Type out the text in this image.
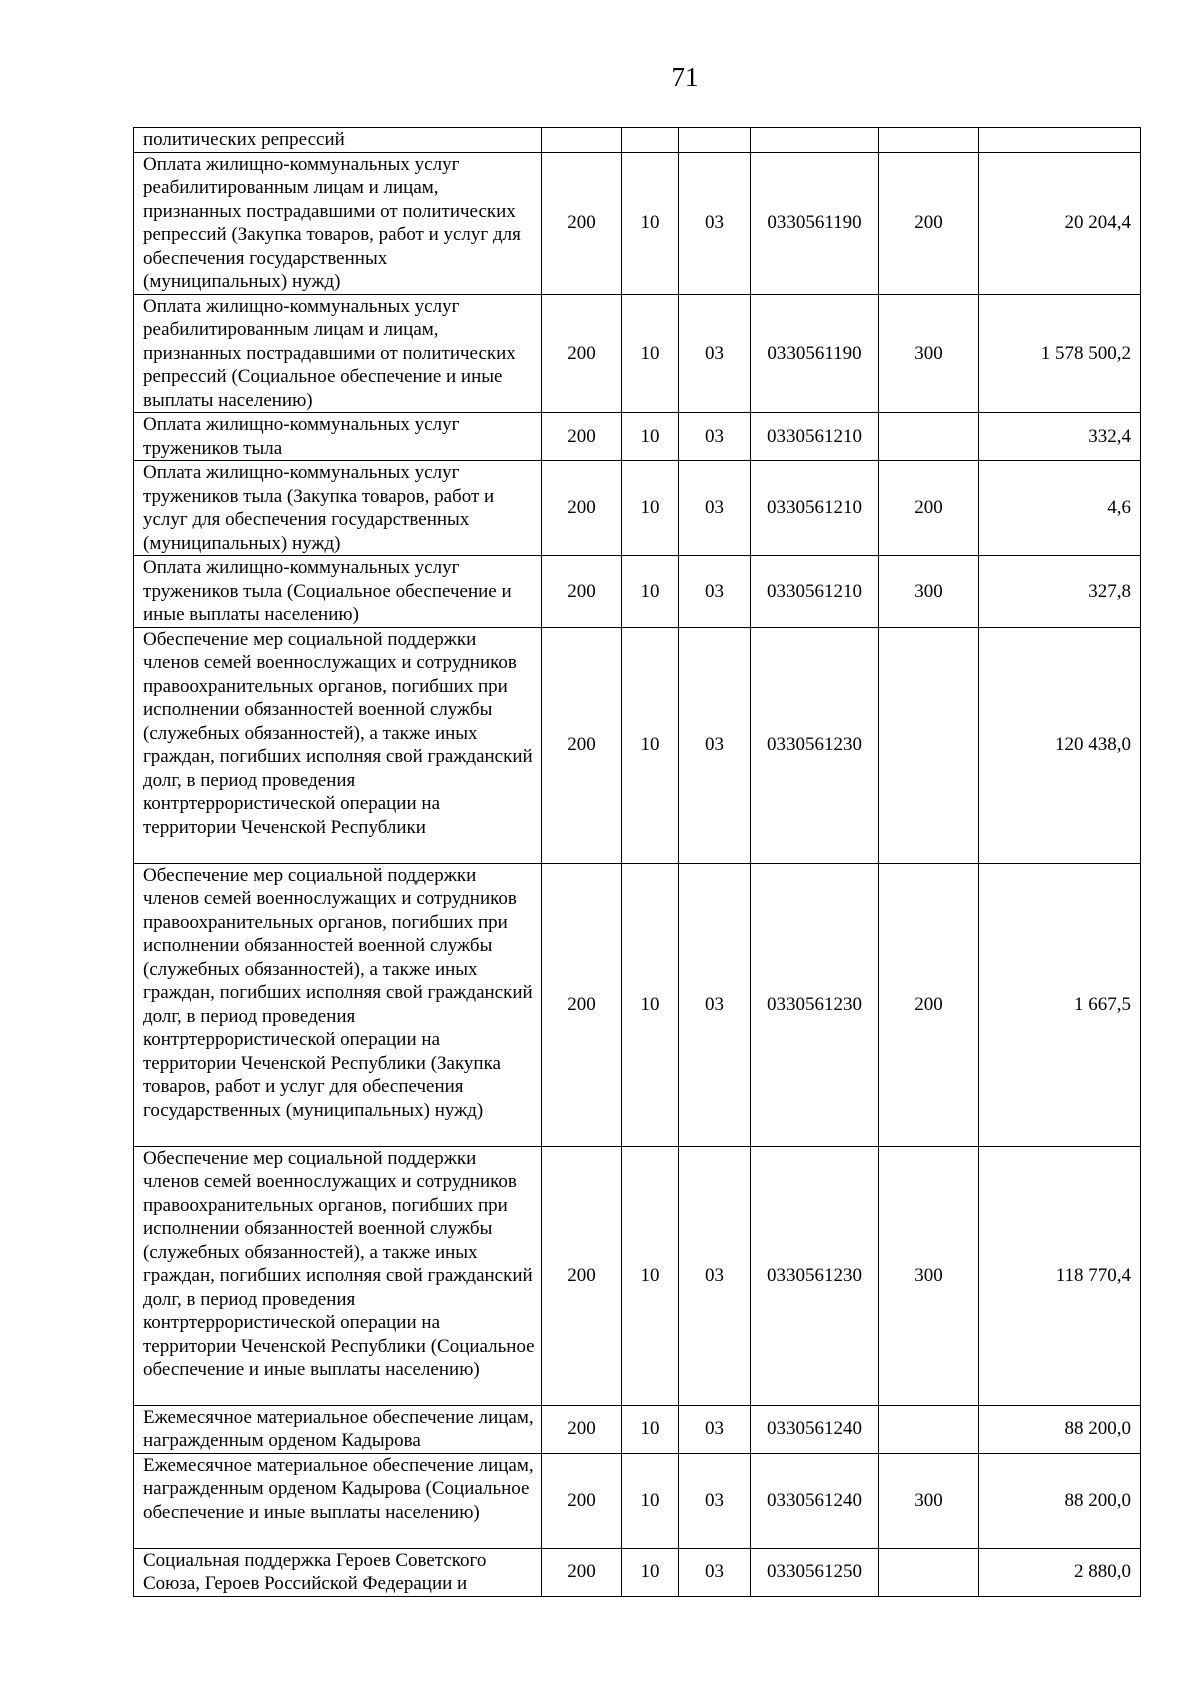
71
политических репрессий						
Оплата жилищно-коммунальных услуг реабилитированным лицам и лицам, признанных пострадавшими от политических репрессий (Закупка товаров, работ и услуг для обеспечения государственных (муниципальных) нужд)	200	10	03	0330561190	200	20 204,4
Оплата жилищно-коммунальных услуг реабилитированным лицам и лицам, признанных пострадавшими от политических репрессий (Социальное обеспечение и иные выплаты населению)	200	10	03	0330561190	300	1 578 500,2
Оплата жилищно-коммунальных услуг тружеников тыла	200	10	03	0330561210		332,4
Оплата жилищно-коммунальных услуг тружеников тыла (Закупка товаров, работ и услуг для обеспечения государственных (муниципальных) нужд)	200	10	03	0330561210	200	4,6
Оплата жилищно-коммунальных услуг тружеников тыла (Социальное обеспечение и иные выплаты населению)	200	10	03	0330561210	300	327,8
Обеспечение мер социальной поддержки членов семей военнослужащих и сотрудников правоохранительных органов, погибших при исполнении обязанностей военной службы (служебных обязанностей), а также иных граждан, погибших исполняя свой гражданский долг, в период проведения контртеррористической операции на территории Чеченской Республики	200	10	03	0330561230		120 438,0
Обеспечение мер социальной поддержки членов семей военнослужащих и сотрудников правоохранительных органов, погибших при исполнении обязанностей военной службы (служебных обязанностей), а также иных граждан, погибших исполняя свой гражданский долг, в период проведения контртеррористической операции на территории Чеченской Республики (Закупка товаров, работ и услуг для обеспечения государственных (муниципальных) нужд)	200	10	03	0330561230	200	1 667,5
Обеспечение мер социальной поддержки членов семей военнослужащих и сотрудников правоохранительных органов, погибших при исполнении обязанностей военной службы (служебных обязанностей), а также иных граждан, погибших исполняя свой гражданский долг, в период проведения контртеррористической операции на территории Чеченской Республики (Социальное обеспечение и иные выплаты населению)	200	10	03	0330561230	300	118 770,4
Ежемесячное материальное обеспечение лицам, награжденным орденом Кадырова	200	10	03	0330561240		88 200,0
Ежемесячное материальное обеспечение лицам, награжденным орденом Кадырова (Социальное обеспечение и иные выплаты населению)	200	10	03	0330561240	300	88 200,0
Социальная поддержка Героев Советского Союза, Героев Российской Федерации и	200	10	03	0330561250		2 880,0
